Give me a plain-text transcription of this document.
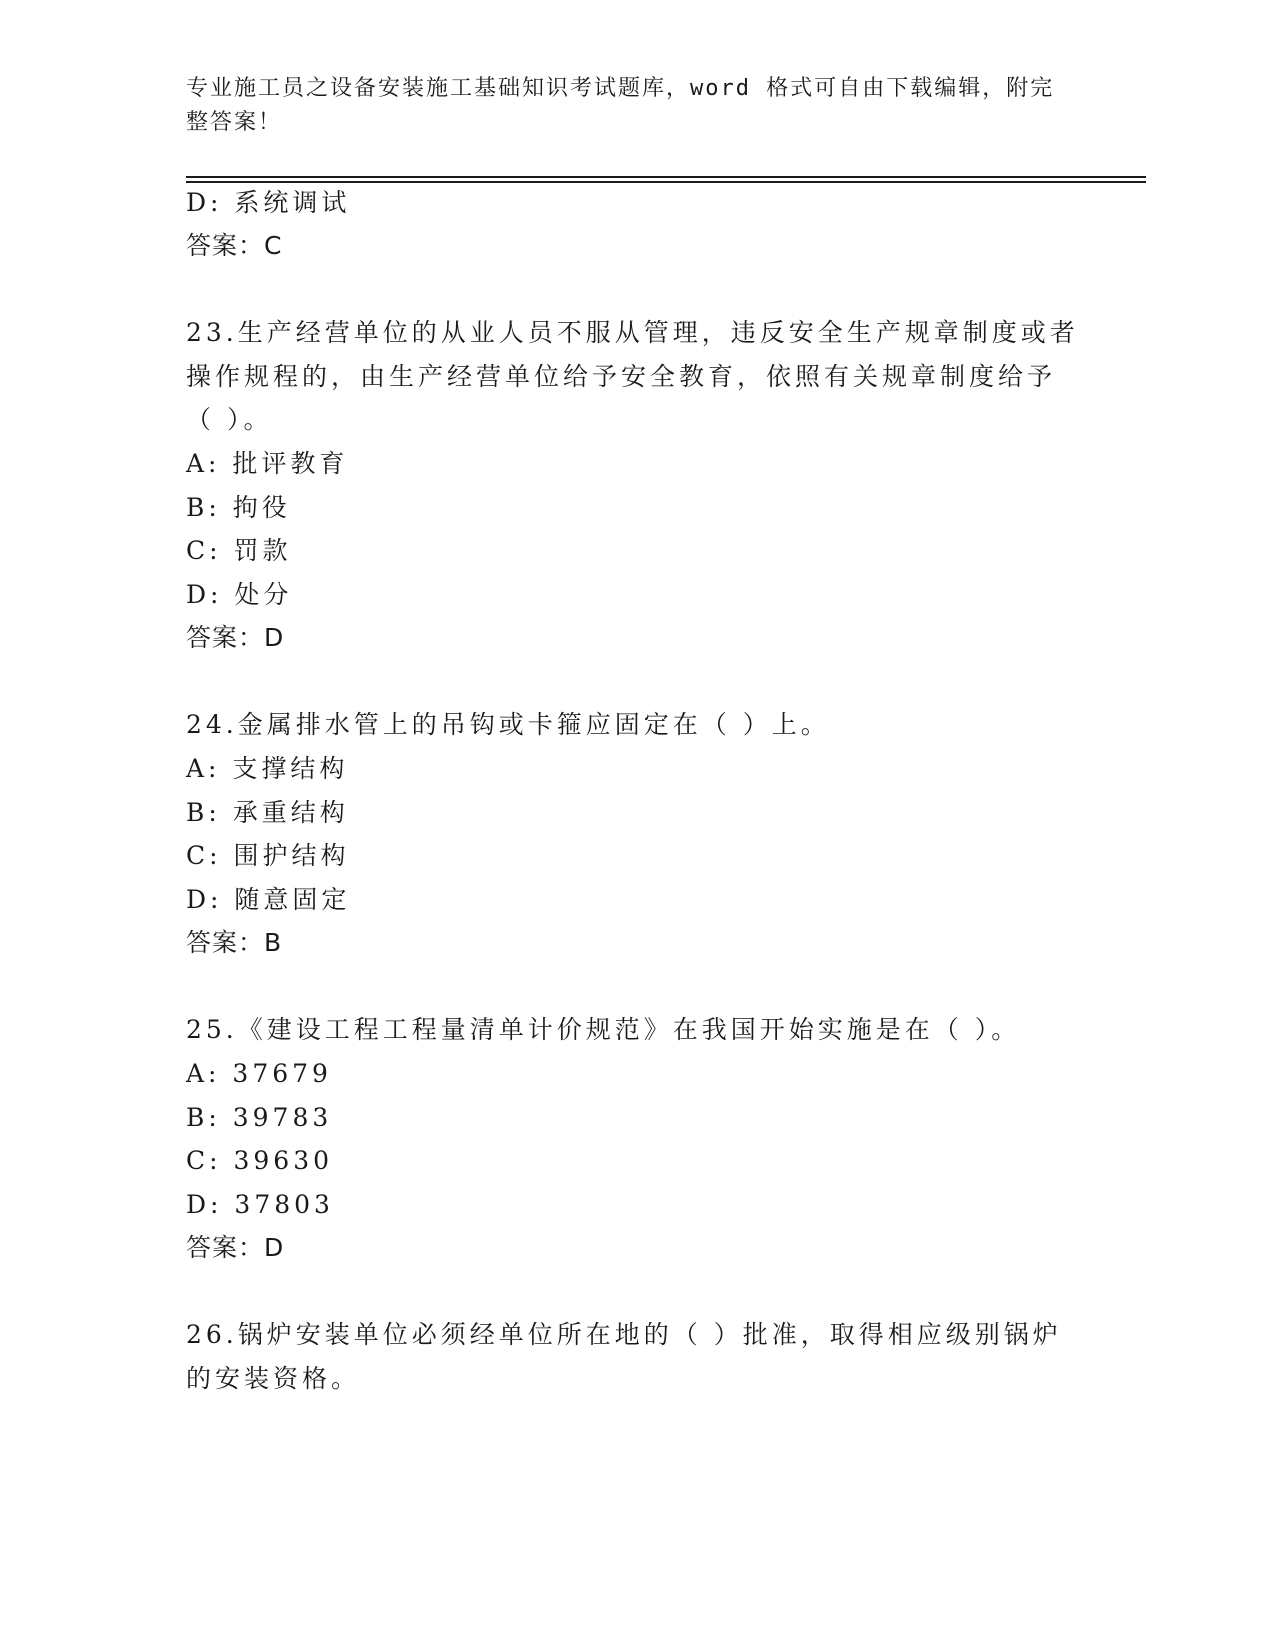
专业施工员之设备安装施工基础知识考试题库，word 格式可自由下载编辑，附完
整答案！
D: 系统调试
答案：C
23.生产经营单位的从业人员不服从管理，违反安全生产规章制度或者
操作规程的，由生产经营单位给予安全教育，依照有关规章制度给予
（ ）。
A: 批评教育
B: 拘役
C: 罚款
D: 处分
答案：D
24.金属排水管上的吊钩或卡箍应固定在（ ）上。
A: 支撑结构
B: 承重结构
C: 围护结构
D: 随意固定
答案：B
25.《建设工程工程量清单计价规范》在我国开始实施是在（ ）。
A: 37679
B: 39783
C: 39630
D: 37803
答案：D
26.锅炉安装单位必须经单位所在地的（ ）批准，取得相应级别锅炉
的安装资格。
